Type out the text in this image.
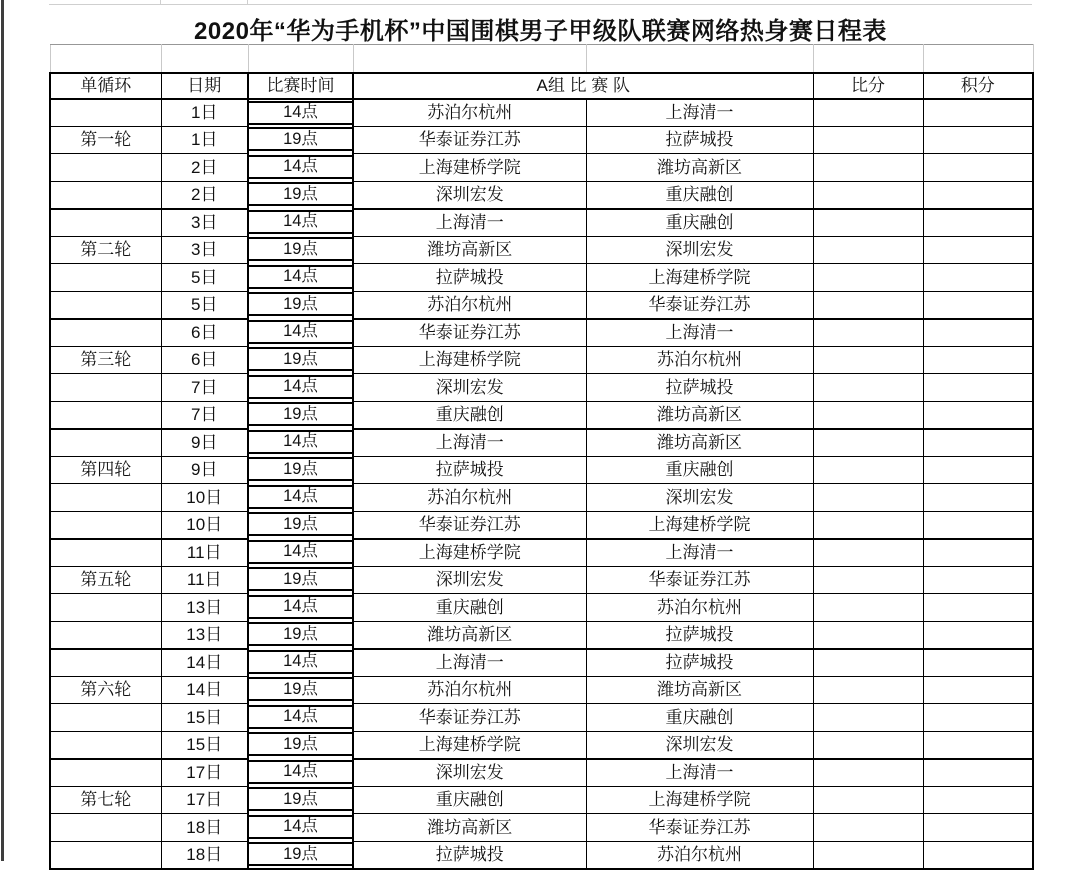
2020年“华为手机杯”中国围棋男子甲级队联赛网络热身赛日程表

单循环	日期	比赛时间	A组 比 赛 队		比分	积分
	1日	14点	苏泊尔杭州	上海清一		
第一轮	1日	19点	华泰证券江苏	拉萨城投		
	2日	14点	上海建桥学院	潍坊高新区		
	2日	19点	深圳宏发	重庆融创		
	3日	14点	上海清一	重庆融创		
第二轮	3日	19点	潍坊高新区	深圳宏发		
	5日	14点	拉萨城投	上海建桥学院		
	5日	19点	苏泊尔杭州	华泰证券江苏		
	6日	14点	华泰证券江苏	上海清一		
第三轮	6日	19点	上海建桥学院	苏泊尔杭州		
	7日	14点	深圳宏发	拉萨城投		
	7日	19点	重庆融创	潍坊高新区		
	9日	14点	上海清一	潍坊高新区		
第四轮	9日	19点	拉萨城投	重庆融创		
	10日	14点	苏泊尔杭州	深圳宏发		
	10日	19点	华泰证券江苏	上海建桥学院		
	11日	14点	上海建桥学院	上海清一		
第五轮	11日	19点	深圳宏发	华泰证券江苏		
	13日	14点	重庆融创	苏泊尔杭州		
	13日	19点	潍坊高新区	拉萨城投		
	14日	14点	上海清一	拉萨城投		
第六轮	14日	19点	苏泊尔杭州	潍坊高新区		
	15日	14点	华泰证券江苏	重庆融创		
	15日	19点	上海建桥学院	深圳宏发		
	17日	14点	深圳宏发	上海清一		
第七轮	17日	19点	重庆融创	上海建桥学院		
	18日	14点	潍坊高新区	华泰证券江苏		
	18日	19点	拉萨城投	苏泊尔杭州		
